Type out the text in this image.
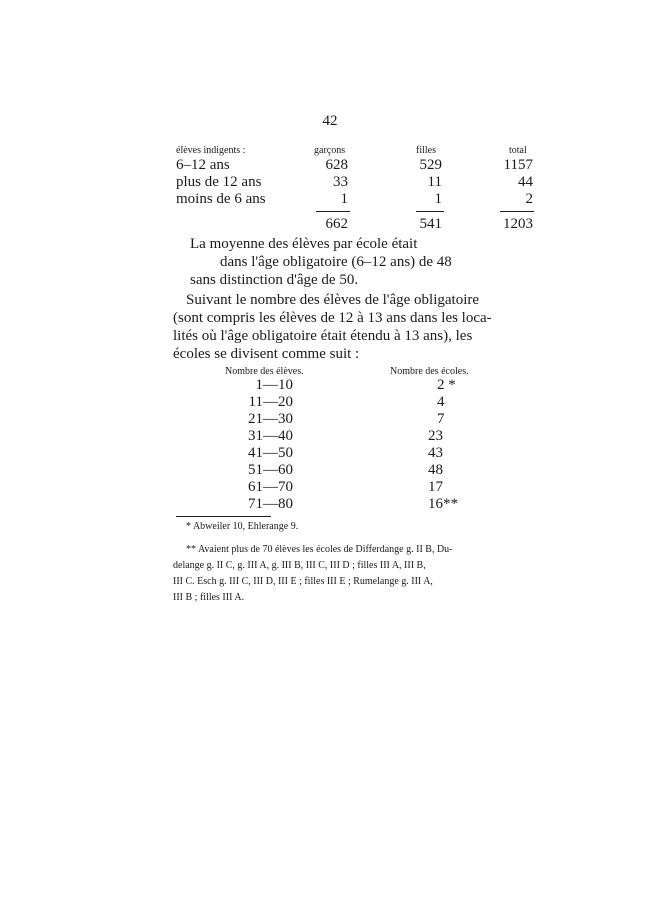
42
élèves indigents :	garçons	filles	total
6–12 ans	628	529	1157
plus de 12 ans	33	11	44
moins de 6 ans	1	1	2
662	541	1203
La moyenne des élèves par école était
dans l'âge obligatoire (6–12 ans) de 48
sans distinction d'âge de 50.
Suivant le nombre des élèves de l'âge obligatoire
(sont compris les élèves de 12 à 13 ans dans les loca-
lités où l'âge obligatoire était étendu à 13 ans), les
écoles se divisent comme suit :
Nombre des élèves.	Nombre des écoles.
1—10	2 *
11—20	4
21—30	7
31—40	23
41—50	43
51—60	48
61—70	17
71—80	16**
* Abweiler 10, Ehlerange 9.
** Avaient plus de 70 élèves les écoles de Differdange g. II B, Du-
delange g. II C, g. III A, g. III B, III C, III D ; filles III A, III B,
III C. Esch g. III C, III D, III E ; filles III E ; Rumelange g. III A,
III B ; filles III A.
